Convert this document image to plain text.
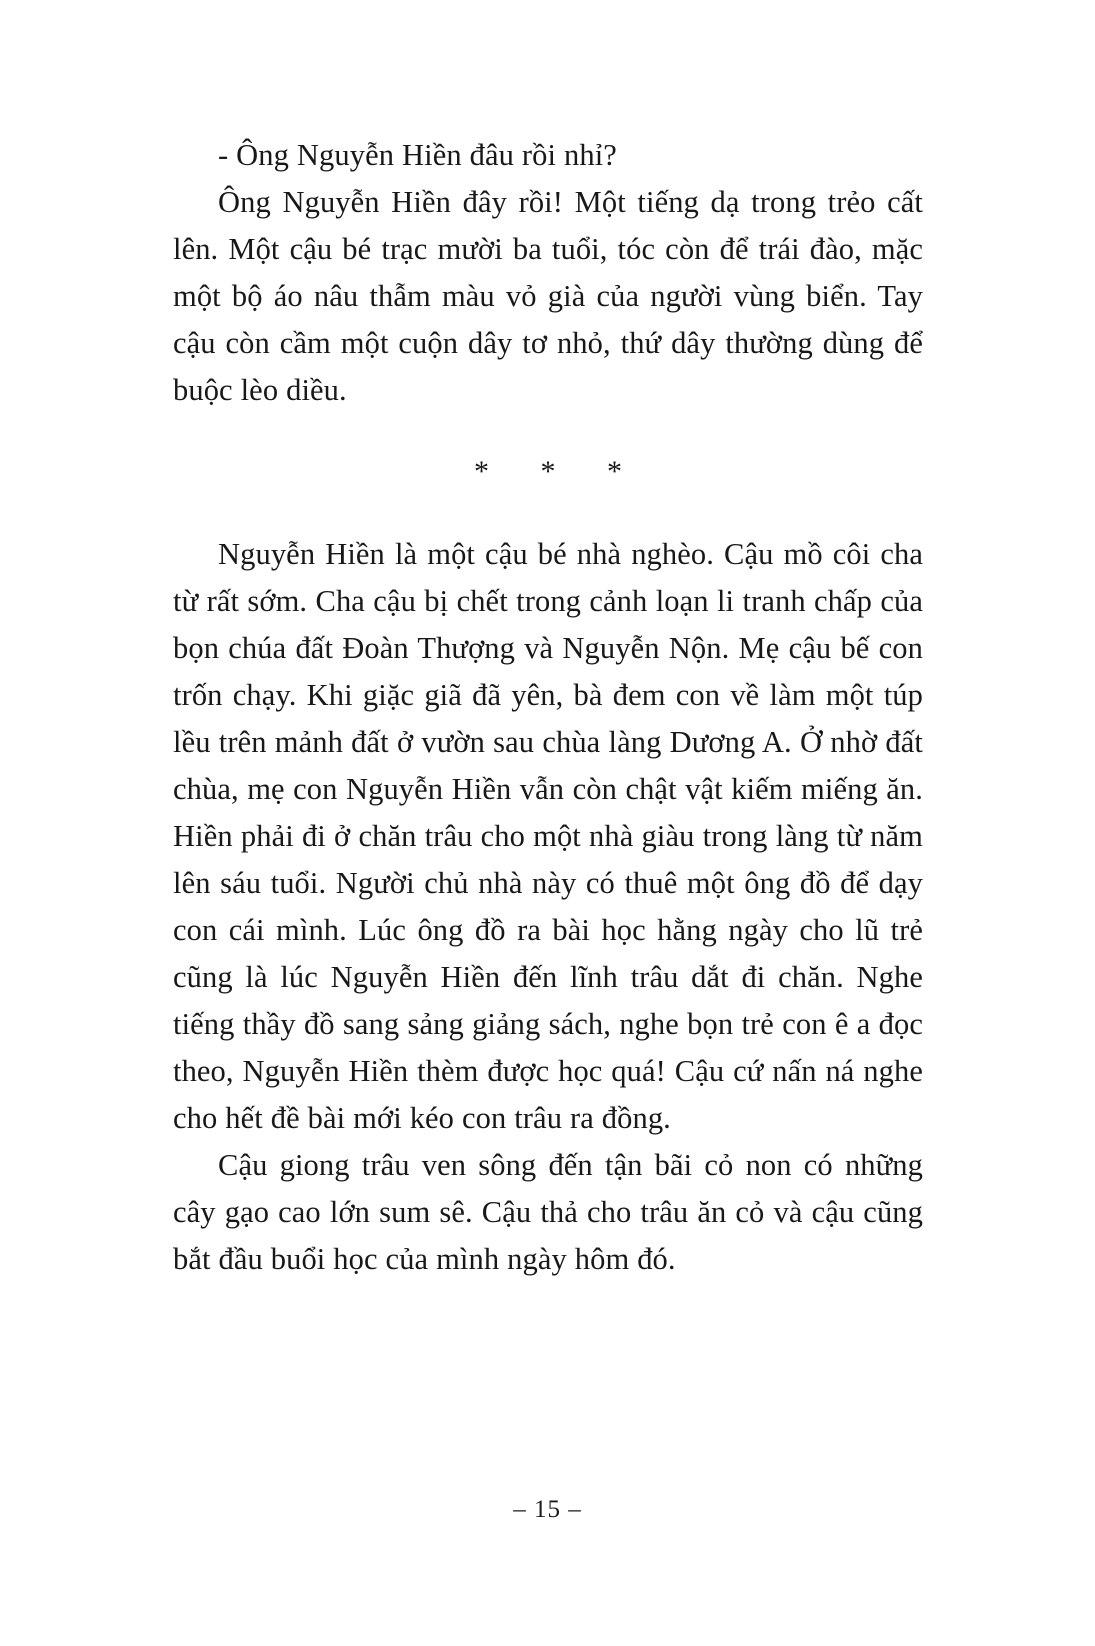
- Ông Nguyễn Hiền đâu rồi nhỉ?

Ông Nguyễn Hiền đây rồi! Một tiếng dạ trong trẻo cất lên. Một cậu bé trạc mười ba tuổi, tóc còn để trái đào, mặc một bộ áo nâu thẫm màu vỏ già của người vùng biển. Tay cậu còn cầm một cuộn dây tơ nhỏ, thứ dây thường dùng để buộc lèo diều.

* * *

Nguyễn Hiền là một cậu bé nhà nghèo. Cậu mồ côi cha từ rất sớm. Cha cậu bị chết trong cảnh loạn li tranh chấp của bọn chúa đất Đoàn Thượng và Nguyễn Nộn. Mẹ cậu bế con trốn chạy. Khi giặc giã đã yên, bà đem con về làm một túp lều trên mảnh đất ở vườn sau chùa làng Dương A. Ở nhờ đất chùa, mẹ con Nguyễn Hiền vẫn còn chật vật kiếm miếng ăn. Hiền phải đi ở chăn trâu cho một nhà giàu trong làng từ năm lên sáu tuổi. Người chủ nhà này có thuê một ông đồ để dạy con cái mình. Lúc ông đồ ra bài học hằng ngày cho lũ trẻ cũng là lúc Nguyễn Hiền đến lĩnh trâu dắt đi chăn. Nghe tiếng thầy đồ sang sảng giảng sách, nghe bọn trẻ con ê a đọc theo, Nguyễn Hiền thèm được học quá! Cậu cứ nấn ná nghe cho hết đề bài mới kéo con trâu ra đồng.

Cậu giong trâu ven sông đến tận bãi cỏ non có những cây gạo cao lớn sum sê. Cậu thả cho trâu ăn cỏ và cậu cũng bắt đầu buổi học của mình ngày hôm đó.

– 15 –
